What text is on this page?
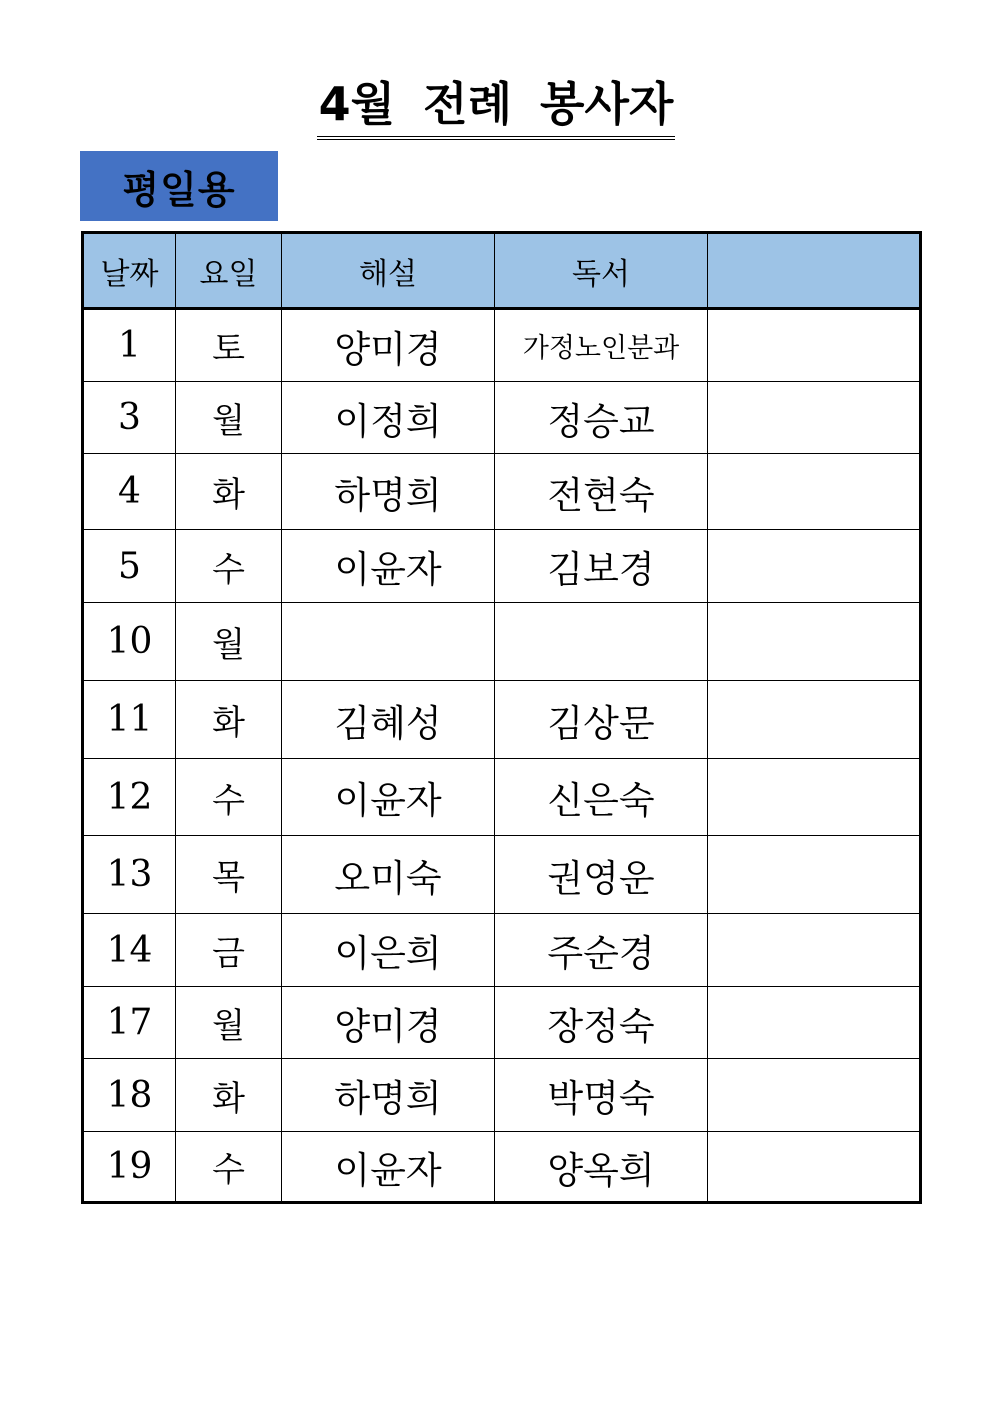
4월 전례 봉사자
평일용
날짜	요일	해설	독서	
1	토	양미경	가정노인분과	
3	월	이정희	정승교	
4	화	하명희	전현숙	
5	수	이윤자	김보경	
10	월			
11	화	김혜성	김상문	
12	수	이윤자	신은숙	
13	목	오미숙	권영운	
14	금	이은희	주순경	
17	월	양미경	장정숙	
18	화	하명희	박명숙	
19	수	이윤자	양옥희	
